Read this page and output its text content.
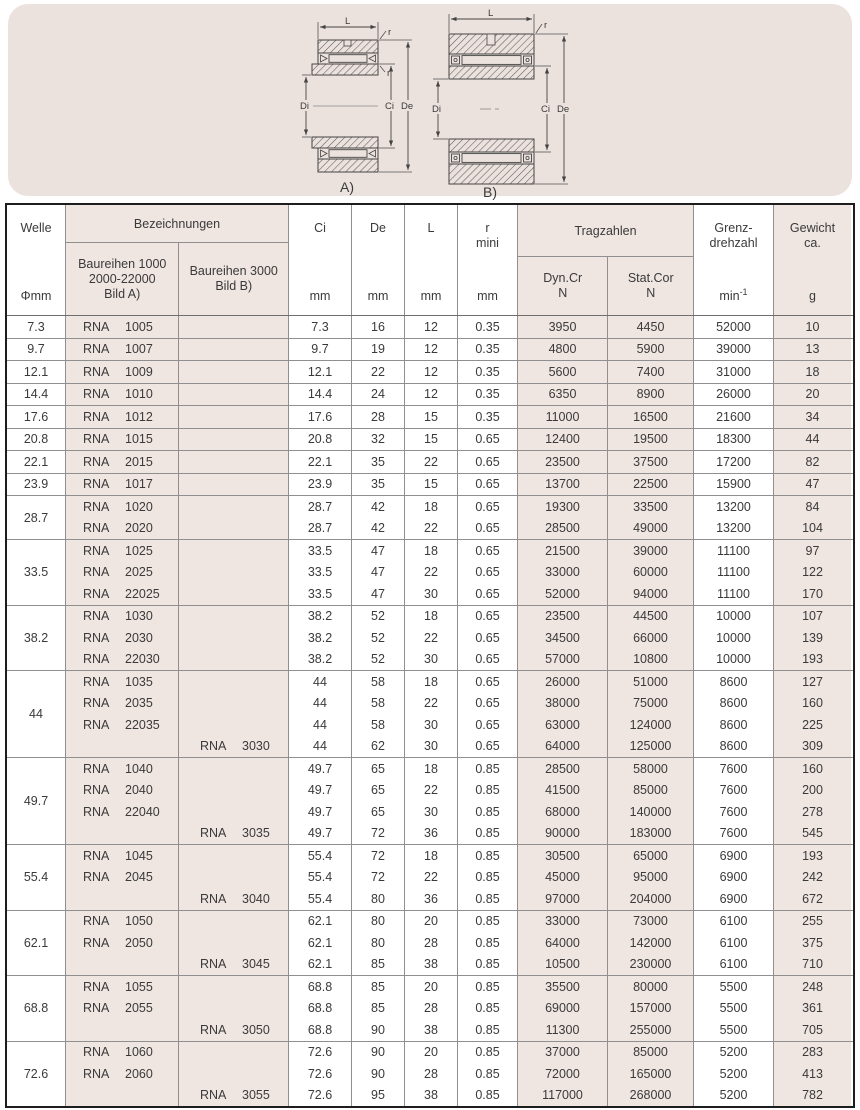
L
r
r
Di	Ci De
A)
L
r
Di	Ci De
B)
Welle
Φmm
Bezeichnungen
Baureihen 1000
2000-22000
Bild A)
Baureihen 3000
Bild B)
Ci
mm
De
mm
L
mm
r
mini
mm
Tragzahlen
Dyn.Cr
N
Stat.Cor
N
Grenz-
drehzahl
$\min^{-1}$
Gewicht
ca.
g
7.3	RNA	1005	7.3	16	12	0.35	3950	4450	52000	10
9.7	RNA	1007	9.7	19	12	0.35	4800	5900	39000	13
12.1	RNA	1009	12.1	22	12	0.35	5600	7400	31000	18
14.4	RNA	1010	14.4	24	12	0.35	6350	8900	26000	20
17.6	RNA	1012	17.6	28	15	0.35	11000	16500	21600	34
20.8	RNA	1015	20.8	32	15	0.65	12400	19500	18300	44
22.1	RNA	2015	22.1	35	22	0.65	23500	37500	17200	82
23.9	RNA	1017	23.9	35	15	0.65	13700	22500	15900	47
28.7
RNA	1020	28.7	42	18	0.65	19300	33500	13200	84
RNA	2020	28.7	42	22	0.65	28500	49000	13200	104
33.5
RNA	1025	33.5	47	18	0.65	21500	39000	11100	97
RNA	2025	33.5	47	22	0.65	33000	60000	11100	122
RNA	22025	33.5	47	30	0.65	52000	94000	11100	170
38.2
RNA	1030	38.2	52	18	0.65	23500	44500	10000	107
RNA	2030	38.2	52	22	0.65	34500	66000	10000	139
RNA	22030	38.2	52	30	0.65	57000	10800	10000	193
44
RNA	1035	44	58	18	0.65	26000	51000	8600	127
RNA	2035	44	58	22	0.65	38000	75000	8600	160
RNA	22035	44	58	30	0.65	63000	124000	8600	225
RNA	3030	44	62	30	0.65	64000	125000	8600	309
49.7
RNA	1040	49.7	65	18	0.85	28500	58000	7600	160
RNA	2040	49.7	65	22	0.85	41500	85000	7600	200
RNA	22040	49.7	65	30	0.85	68000	140000	7600	278
RNA	3035	49.7	72	36	0.85	90000	183000	7600	545
55.4
RNA	1045	55.4	72	18	0.85	30500	65000	6900	193
RNA	2045	55.4	72	22	0.85	45000	95000	6900	242
RNA	3040	55.4	80	36	0.85	97000	204000	6900	672
62.1
RNA	1050	62.1	80	20	0.85	33000	73000	6100	255
RNA	2050	62.1	80	28	0.85	64000	142000	6100	375
RNA	3045	62.1	85	38	0.85	10500	230000	6100	710
68.8
RNA	1055	68.8	85	20	0.85	35500	80000	5500	248
RNA	2055	68.8	85	28	0.85	69000	157000	5500	361
RNA	3050	68.8	90	38	0.85	11300	255000	5500	705
72.6
RNA	1060	72.6	90	20	0.85	37000	85000	5200	283
RNA	2060	72.6	90	28	0.85	72000	165000	5200	413
RNA	3055	72.6	95	38	0.85	117000	268000	5200	782
